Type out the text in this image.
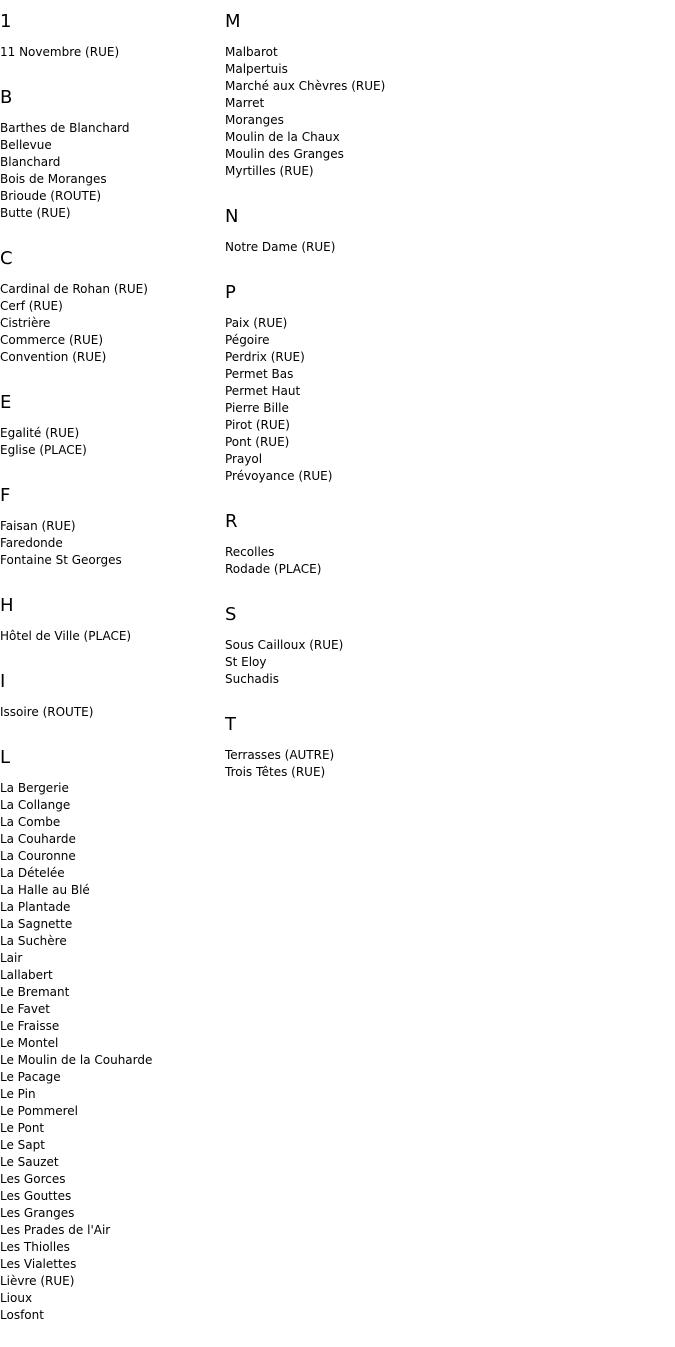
1
11 Novembre (RUE)
B
Barthes de Blanchard
Bellevue
Blanchard
Bois de Moranges
Brioude (ROUTE)
Butte (RUE)
C
Cardinal de Rohan (RUE)
Cerf (RUE)
Cistrière
Commerce (RUE)
Convention (RUE)
E
Egalité (RUE)
Eglise (PLACE)
F
Faisan (RUE)
Faredonde
Fontaine St Georges
H
Hôtel de Ville (PLACE)
I
Issoire (ROUTE)
L
La Bergerie
La Collange
La Combe
La Couharde
La Couronne
La Dételée
La Halle au Blé
La Plantade
La Sagnette
La Suchère
Lair
Lallabert
Le Bremant
Le Favet
Le Fraisse
Le Montel
Le Moulin de la Couharde
Le Pacage
Le Pin
Le Pommerel
Le Pont
Le Sapt
Le Sauzet
Les Gorces
Les Gouttes
Les Granges
Les Prades de l'Air
Les Thiolles
Les Vialettes
Lièvre (RUE)
Lioux
Losfont
M
Malbarot
Malpertuis
Marché aux Chèvres (RUE)
Marret
Moranges
Moulin de la Chaux
Moulin des Granges
Myrtilles (RUE)
N
Notre Dame (RUE)
P
Paix (RUE)
Pégoire
Perdrix (RUE)
Permet Bas
Permet Haut
Pierre Bille
Pirot (RUE)
Pont (RUE)
Prayol
Prévoyance (RUE)
R
Recolles
Rodade (PLACE)
S
Sous Cailloux (RUE)
St Eloy
Suchadis
T
Terrasses (AUTRE)
Trois Têtes (RUE)
